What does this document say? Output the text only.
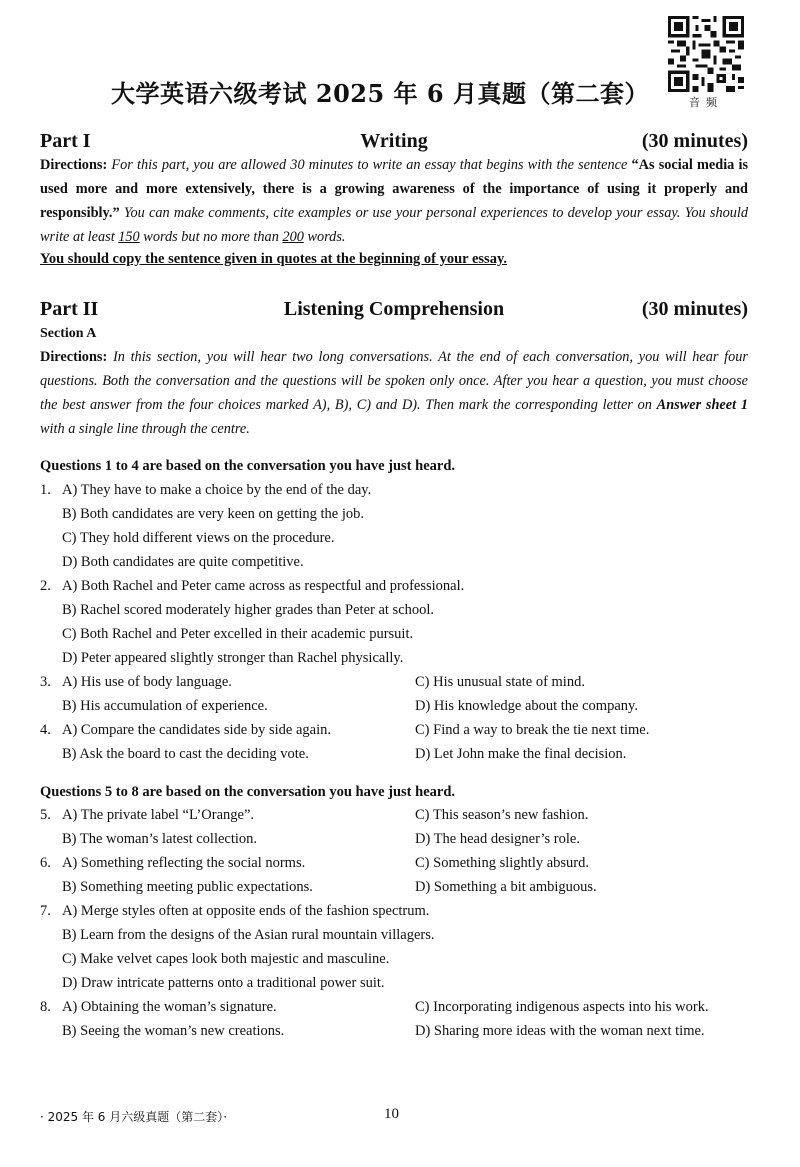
音频
大学英语六级考试 2025 年 6 月真题（第二套）
Part I	Writing	(30 minutes)
Directions: For this part, you are allowed 30 minutes to write an essay that begins with the sentence “As social media is used more and more extensively, there is a growing awareness of the importance of using it properly and responsibly.” You can make comments, cite examples or use your personal experiences to develop your essay. You should write at least 150 words but no more than 200 words.
You should copy the sentence given in quotes at the beginning of your essay.
Part II	Listening Comprehension	(30 minutes)
Section A
Directions: In this section, you will hear two long conversations. At the end of each conversation, you will hear four questions. Both the conversation and the questions will be spoken only once. After you hear a question, you must choose the best answer from the four choices marked A), B), C) and D). Then mark the corresponding letter on Answer sheet 1 with a single line through the centre.
Questions 1 to 4 are based on the conversation you have just heard.
1. A) They have to make a choice by the end of the day.
B) Both candidates are very keen on getting the job.
C) They hold different views on the procedure.
D) Both candidates are quite competitive.
2. A) Both Rachel and Peter came across as respectful and professional.
B) Rachel scored moderately higher grades than Peter at school.
C) Both Rachel and Peter excelled in their academic pursuit.
D) Peter appeared slightly stronger than Rachel physically.
3. A) His use of body language.	C) His unusual state of mind.
B) His accumulation of experience.	D) His knowledge about the company.
4. A) Compare the candidates side by side again.	C) Find a way to break the tie next time.
B) Ask the board to cast the deciding vote.	D) Let John make the final decision.
Questions 5 to 8 are based on the conversation you have just heard.
5. A) The private label “L’Orange”.	C) This season’s new fashion.
B) The woman’s latest collection.	D) The head designer’s role.
6. A) Something reflecting the social norms.	C) Something slightly absurd.
B) Something meeting public expectations.	D) Something a bit ambiguous.
7. A) Merge styles often at opposite ends of the fashion spectrum.
B) Learn from the designs of the Asian rural mountain villagers.
C) Make velvet capes look both majestic and masculine.
D) Draw intricate patterns onto a traditional power suit.
8. A) Obtaining the woman’s signature.	C) Incorporating indigenous aspects into his work.
B) Seeing the woman’s new creations.	D) Sharing more ideas with the woman next time.
· 2025 年 6 月六级真题（第二套）·	10
